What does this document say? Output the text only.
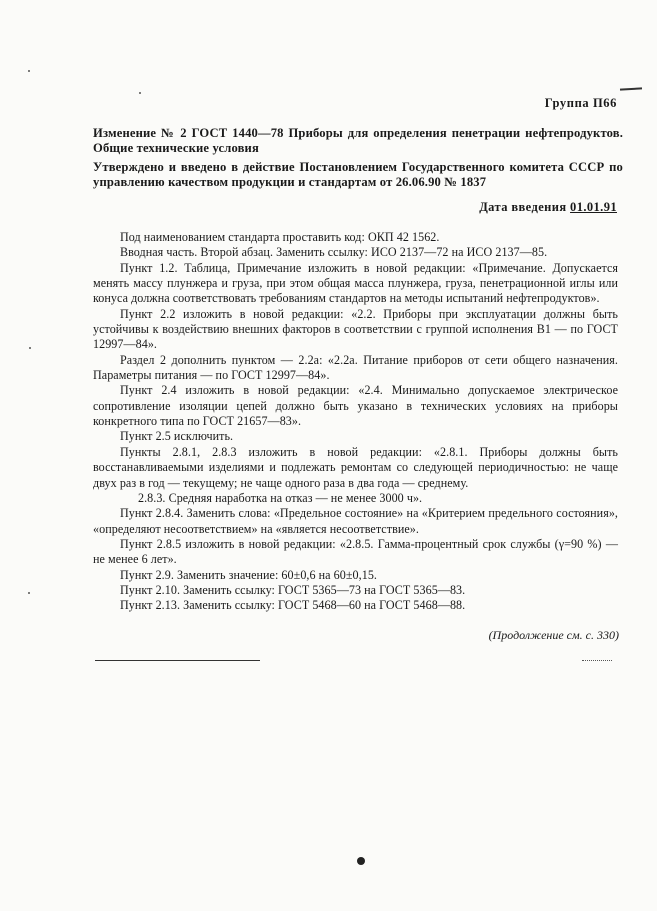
Группа П66
Изменение № 2 ГОСТ 1440—78 Приборы для определения пенетрации нефтепродуктов. Общие технические условия
Утверждено и введено в действие Постановлением Государственного комитета СССР по управлению качеством продукции и стандартам от 26.06.90 № 1837
Дата введения 01.01.91

Под наименованием стандарта проставить код: ОКП 42 1562.

Вводная часть. Второй абзац. Заменить ссылку: ИСО 2137—72 на ИСО 2137—85.

Пункт 1.2. Таблица, Примечание изложить в новой редакции: «Примечание. Допускается менять массу плунжера и груза, при этом общая масса плунжера, груза, пенетрационной иглы или конуса должна соответствовать требованиям стандартов на методы испытаний нефтепродуктов».

Пункт 2.2 изложить в новой редакции: «2.2. Приборы при эксплуатации должны быть устойчивы к воздействию внешних факторов в соответствии с группой исполнения В1 — по ГОСТ 12997—84».

Раздел 2 дополнить пунктом — 2.2а: «2.2а. Питание приборов от сети общего назначения. Параметры питания — по ГОСТ 12997—84».

Пункт 2.4 изложить в новой редакции: «2.4. Минимально допускаемое электрическое сопротивление изоляции цепей должно быть указано в технических условиях на приборы конкретного типа по ГОСТ 21657—83».

Пункт 2.5 исключить.

Пункты 2.8.1, 2.8.3 изложить в новой редакции: «2.8.1. Приборы должны быть восстанавливаемыми изделиями и подлежать ремонтам со следующей периодичностью: не чаще двух раз в год — текущему; не чаще одного раза в два года — среднему.

2.8.3. Средняя наработка на отказ — не менее 3000 ч».

Пункт 2.8.4. Заменить слова: «Предельное состояние» на «Критерием предельного состояния», «определяют несоответствием» на «является несоответствие».

Пункт 2.8.5 изложить в новой редакции: «2.8.5. Гамма-процентный срок службы (γ=90 %) — не менее 6 лет».

Пункт 2.9. Заменить значение: 60±0,6 на 60±0,15.

Пункт 2.10. Заменить ссылку: ГОСТ 5365—73 на ГОСТ 5365—83.

Пункт 2.13. Заменить ссылку: ГОСТ 5468—60 на ГОСТ 5468—88.

(Продолжение см. с. 330)
